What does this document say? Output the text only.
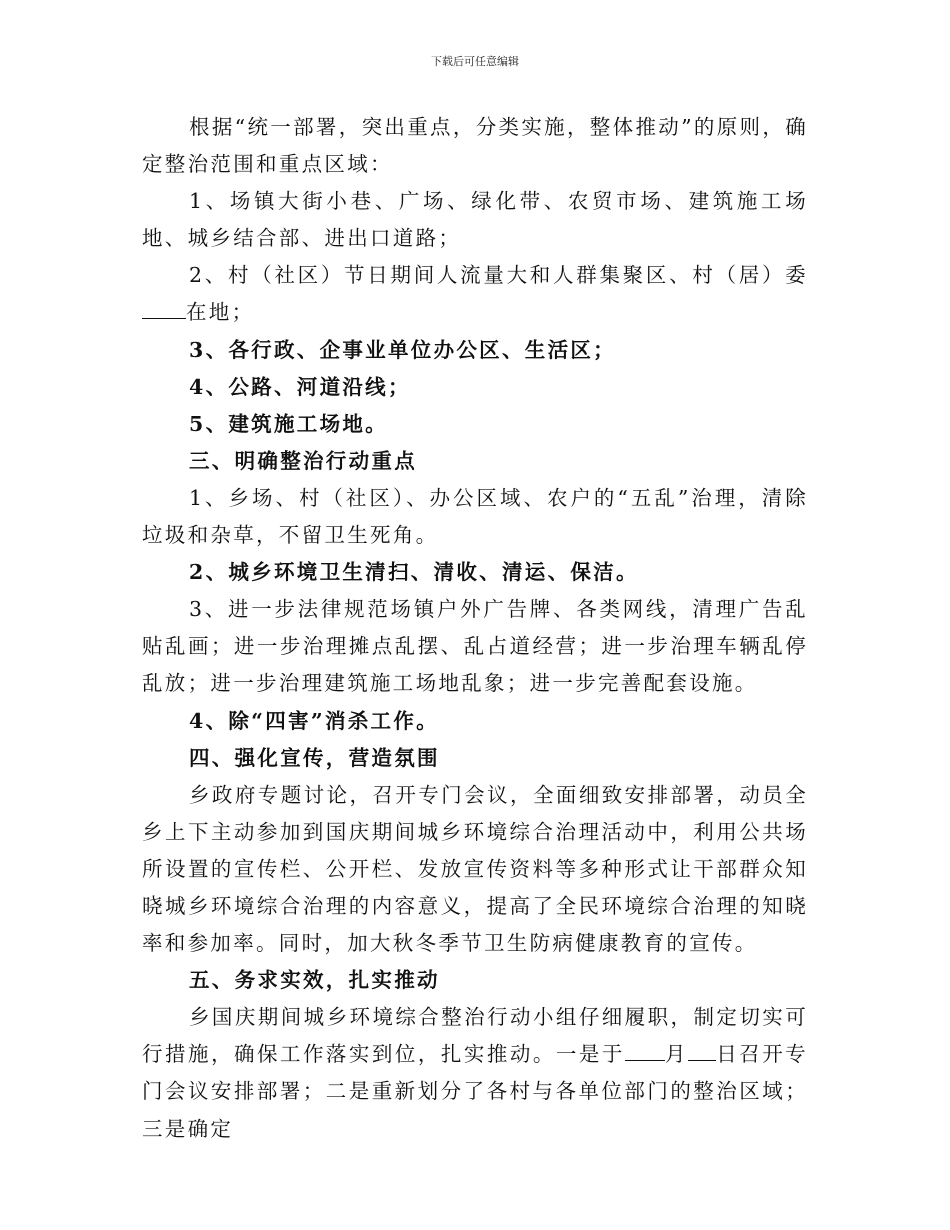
下载后可任意编辑

根据“统一部署，突出重点，分类实施，整体推动”的原则，确定整治范围和重点区域：

1、场镇大街小巷、广场、绿化带、农贸市场、建筑施工场地、城乡结合部、进出口道路；

2、村（社区）节日期间人流量大和人群集聚区、村（居）委在地；

3、各行政、企事业单位办公区、生活区；

4、公路、河道沿线；

5、建筑施工场地。

三、明确整治行动重点

1、乡场、村（社区）、办公区域、农户的“五乱”治理，清除垃圾和杂草，不留卫生死角。

2、城乡环境卫生清扫、清收、清运、保洁。

3、进一步法律规范场镇户外广告牌、各类网线，清理广告乱贴乱画；进一步治理摊点乱摆、乱占道经营；进一步治理车辆乱停乱放；进一步治理建筑施工场地乱象；进一步完善配套设施。

4、除“四害”消杀工作。

四、强化宣传，营造氛围

乡政府专题讨论，召开专门会议，全面细致安排部署，动员全乡上下主动参加到国庆期间城乡环境综合治理活动中，利用公共场所设置的宣传栏、公开栏、发放宣传资料等多种形式让干部群众知晓城乡环境综合治理的内容意义，提高了全民环境综合治理的知晓率和参加率。同时，加大秋冬季节卫生防病健康教育的宣传。

五、务求实效，扎实推动

乡国庆期间城乡环境综合整治行动小组仔细履职，制定切实可行措施，确保工作落实到位，扎实推动。一是于 月 日召开专门会议安排部署；二是重新划分了各村与各单位部门的整治区域；三是确定
